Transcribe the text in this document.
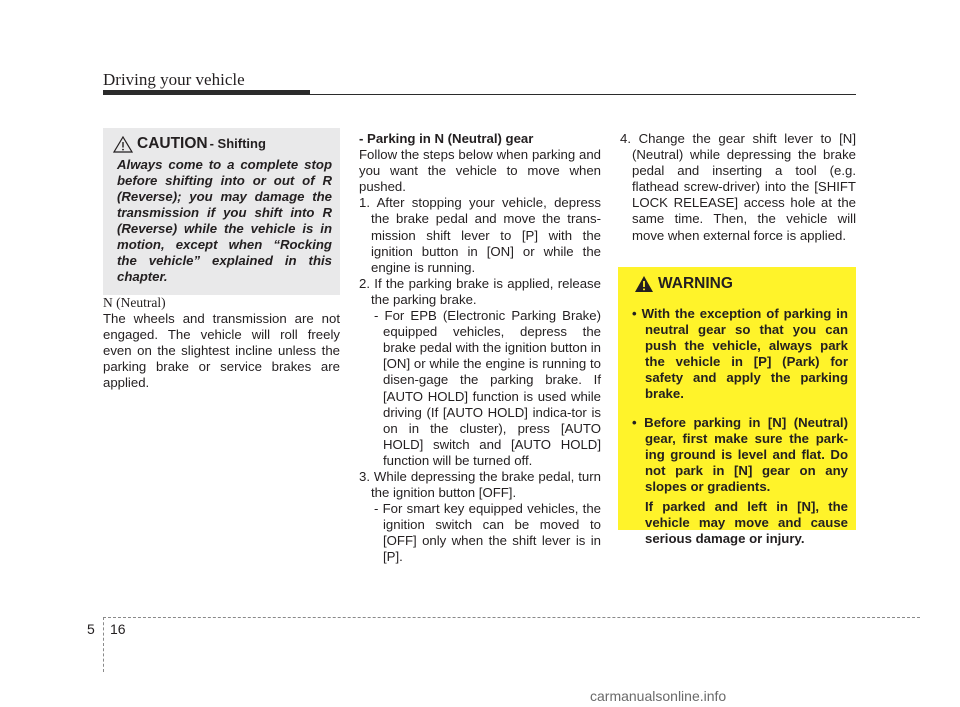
Driving your vehicle
CAUTION - Shifting

Always come to a complete stop before shifting into or out of R (Reverse); you may damage the transmission if you shift into R (Reverse) while the vehicle is in motion, except when “Rocking the vehicle” explained in this chapter.

N (Neutral)

The wheels and transmission are not engaged. The vehicle will roll freely even on the slightest incline unless the parking brake or service brakes are applied.

- Parking in N (Neutral) gear

Follow the steps below when parking and you want the vehicle to move when pushed.

1. After stopping your vehicle, depress the brake pedal and move the trans-mission shift lever to [P] with the ignition button in [ON] or while the engine is running.

2. If the parking brake is applied, release the parking brake.

- For EPB (Electronic Parking Brake) equipped vehicles, depress the brake pedal with the ignition button in [ON] or while the engine is running to disen-gage the parking brake. If [AUTO HOLD] function is used while driving (If [AUTO HOLD] indica-tor is on in the cluster), press [AUTO HOLD] switch and [AUTO HOLD] function will be turned off.

3. While depressing the brake pedal, turn the ignition button [OFF].

- For smart key equipped vehicles, the ignition switch can be moved to [OFF] only when the shift lever is in [P].

4. Change the gear shift lever to [N] (Neutral) while depressing the brake pedal and inserting a tool (e.g. flathead screw-driver) into the [SHIFT LOCK RELEASE] access hole at the same time. Then, the vehicle will move when external force is applied.

WARNING

• With the exception of parking in neutral gear so that you can push the vehicle, always park the vehicle in [P] (Park) for safety and apply the parking brake.

• Before parking in [N] (Neutral) gear, first make sure the park-ing ground is level and flat. Do not park in [N] gear on any slopes or gradients.

If parked and left in [N], the vehicle may move and cause serious damage or injury.

5 16
carmanualsonline.info
